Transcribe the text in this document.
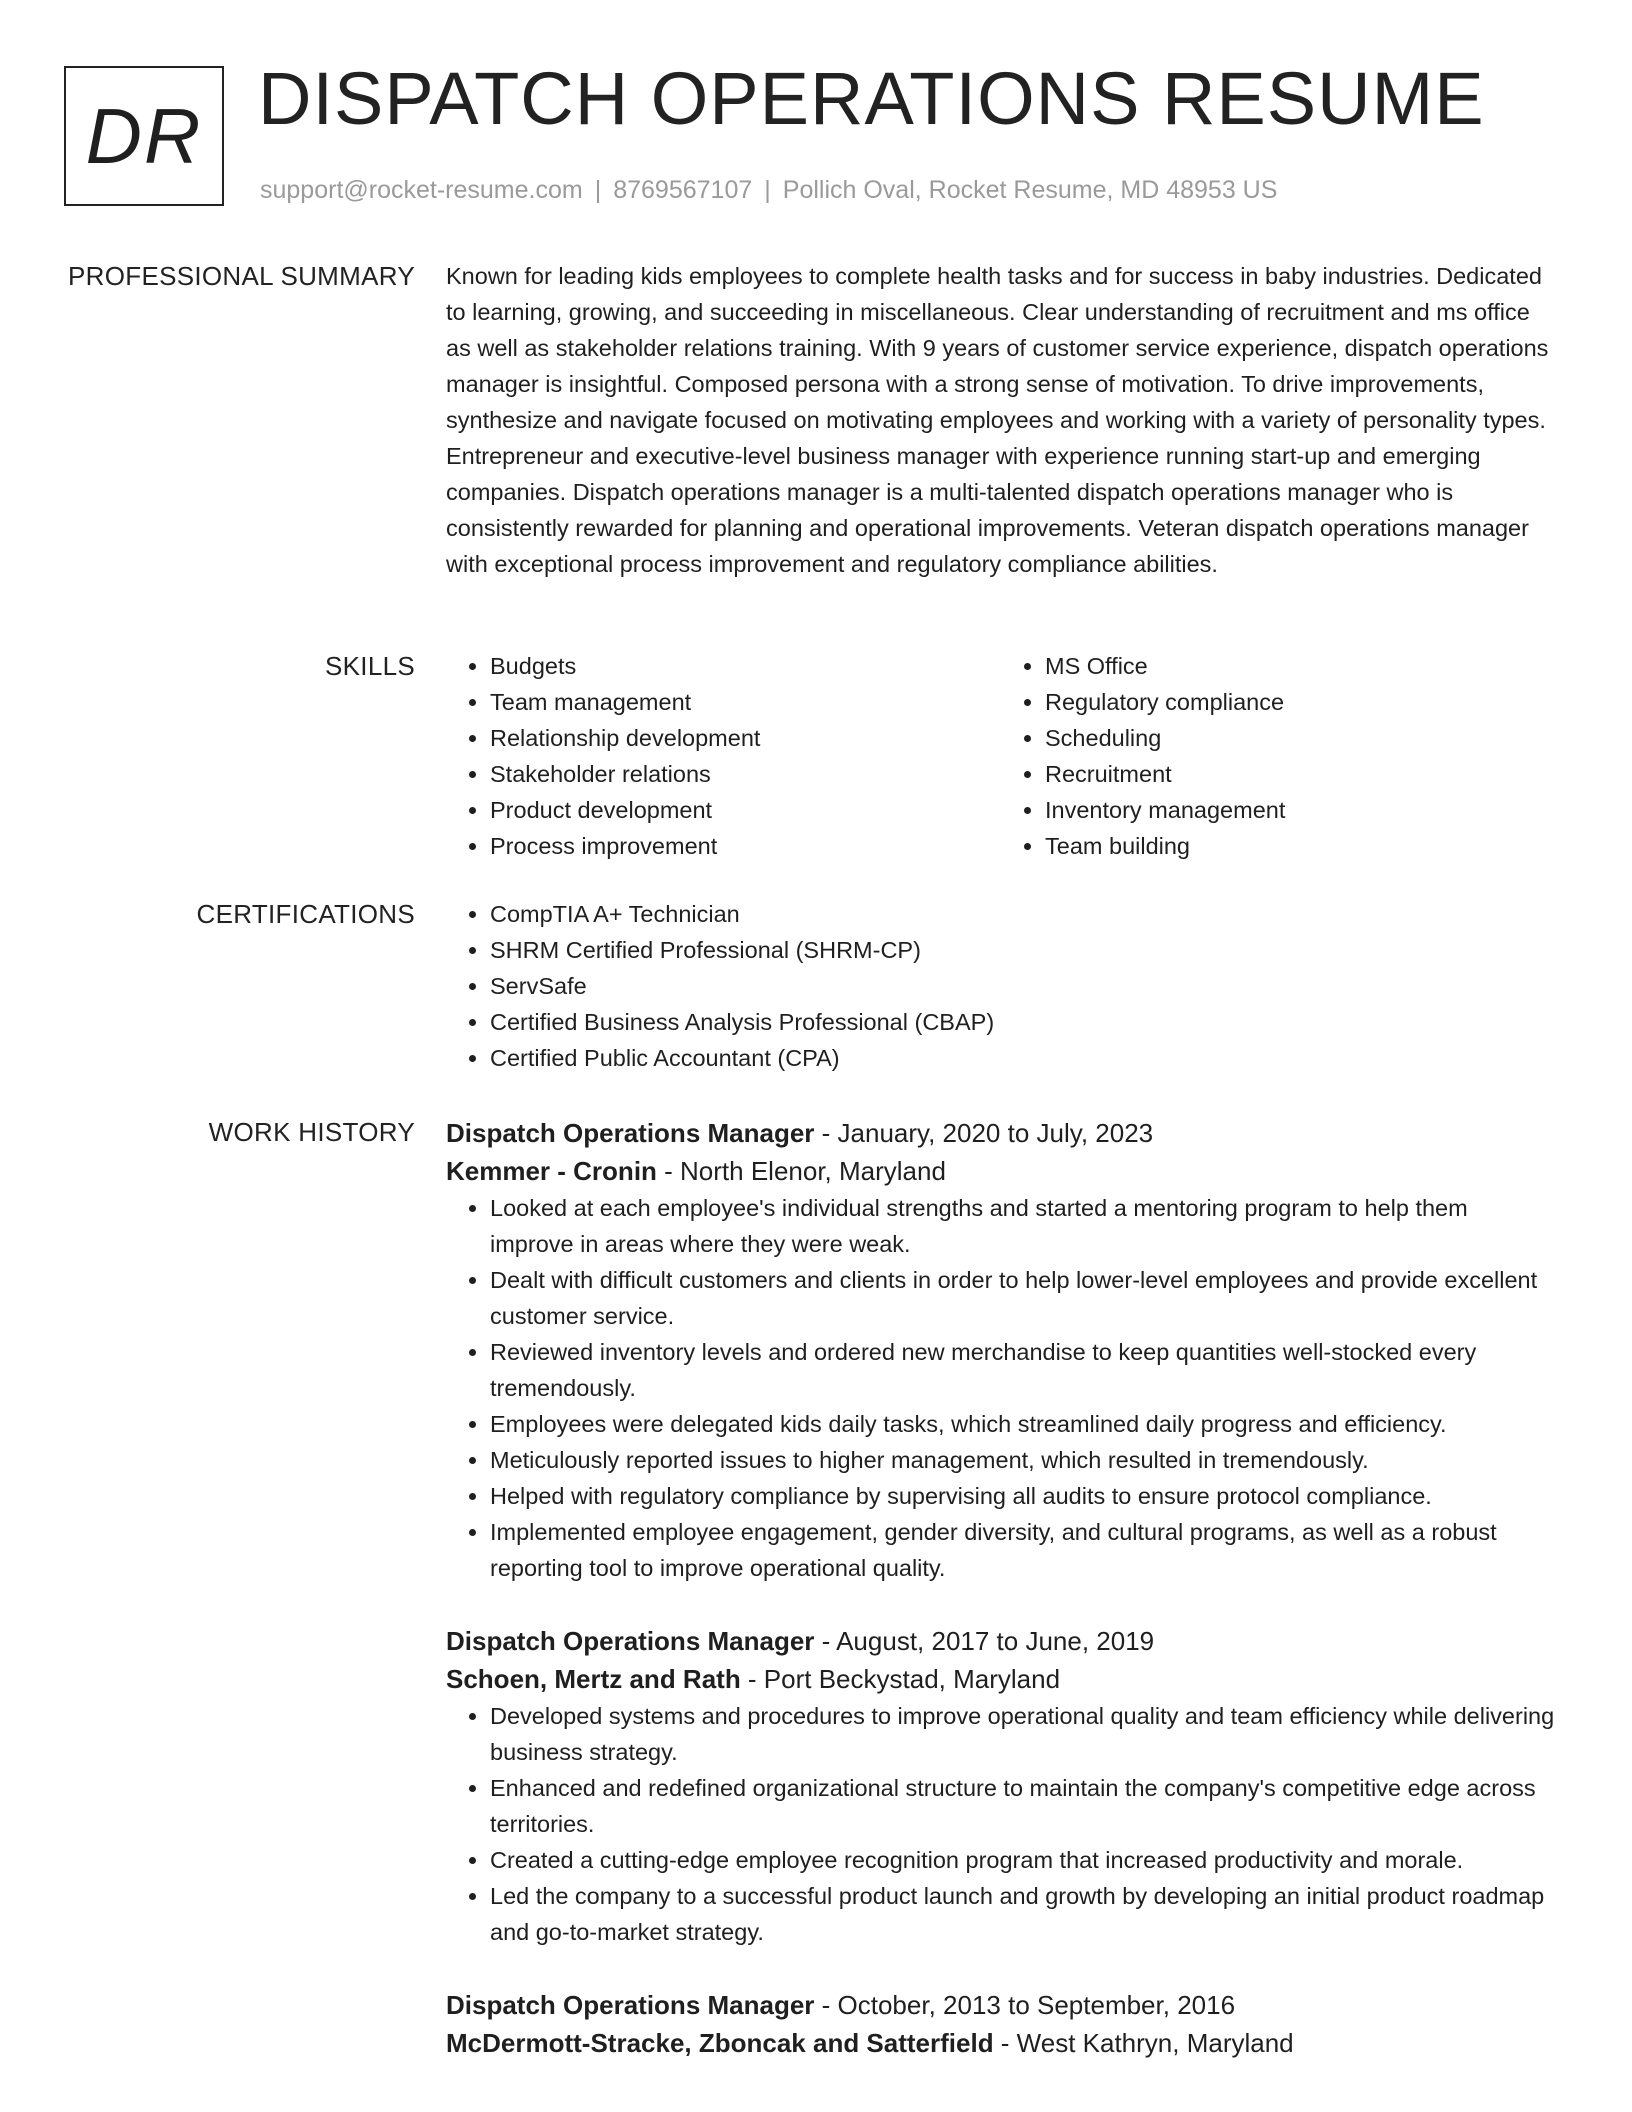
DR DISPATCH OPERATIONS RESUME
support@rocket-resume.com | 8769567107 | Pollich Oval, Rocket Resume, MD 48953 US
PROFESSIONAL SUMMARY Known for leading kids employees to complete health tasks and for success in baby industries. Dedicated to learning, growing, and succeeding in miscellaneous. Clear understanding of recruitment and ms office as well as stakeholder relations training. With 9 years of customer service experience, dispatch operations manager is insightful. Composed persona with a strong sense of motivation. To drive improvements, synthesize and navigate focused on motivating employees and working with a variety of personality types. Entrepreneur and executive-level business manager with experience running start-up and emerging companies. Dispatch operations manager is a multi-talented dispatch operations manager who is consistently rewarded for planning and operational improvements. Veteran dispatch operations manager with exceptional process improvement and regulatory compliance abilities.
SKILLS	• Budgets
• Team management
• Relationship development
• Stakeholder relations
• Product development
• Process improvement
• MS Office
• Regulatory compliance
• Scheduling
• Recruitment
• Inventory management
• Team building
CERTIFICATIONS	• CompTIA A+ Technician
• SHRM Certified Professional (SHRM-CP)
• ServSafe
• Certified Business Analysis Professional (CBAP)
• Certified Public Accountant (CPA)
WORK HISTORY Dispatch Operations Manager - January, 2020 to July, 2023
Kemmer - Cronin - North Elenor, Maryland
• Looked at each employee's individual strengths and started a mentoring program to help them improve in areas where they were weak.
• Dealt with difficult customers and clients in order to help lower-level employees and provide excellent customer service.
• Reviewed inventory levels and ordered new merchandise to keep quantities well-stocked every tremendously.
• Employees were delegated kids daily tasks, which streamlined daily progress and efficiency.
• Meticulously reported issues to higher management, which resulted in tremendously.
• Helped with regulatory compliance by supervising all audits to ensure protocol compliance.
• Implemented employee engagement, gender diversity, and cultural programs, as well as a robust reporting tool to improve operational quality.
Dispatch Operations Manager - August, 2017 to June, 2019
Schoen, Mertz and Rath - Port Beckystad, Maryland
• Developed systems and procedures to improve operational quality and team efficiency while delivering business strategy.
• Enhanced and redefined organizational structure to maintain the company's competitive edge across territories.
• Created a cutting-edge employee recognition program that increased productivity and morale.
• Led the company to a successful product launch and growth by developing an initial product roadmap and go-to-market strategy.
Dispatch Operations Manager - October, 2013 to September, 2016
McDermott-Stracke, Zboncak and Satterfield - West Kathryn, Maryland
